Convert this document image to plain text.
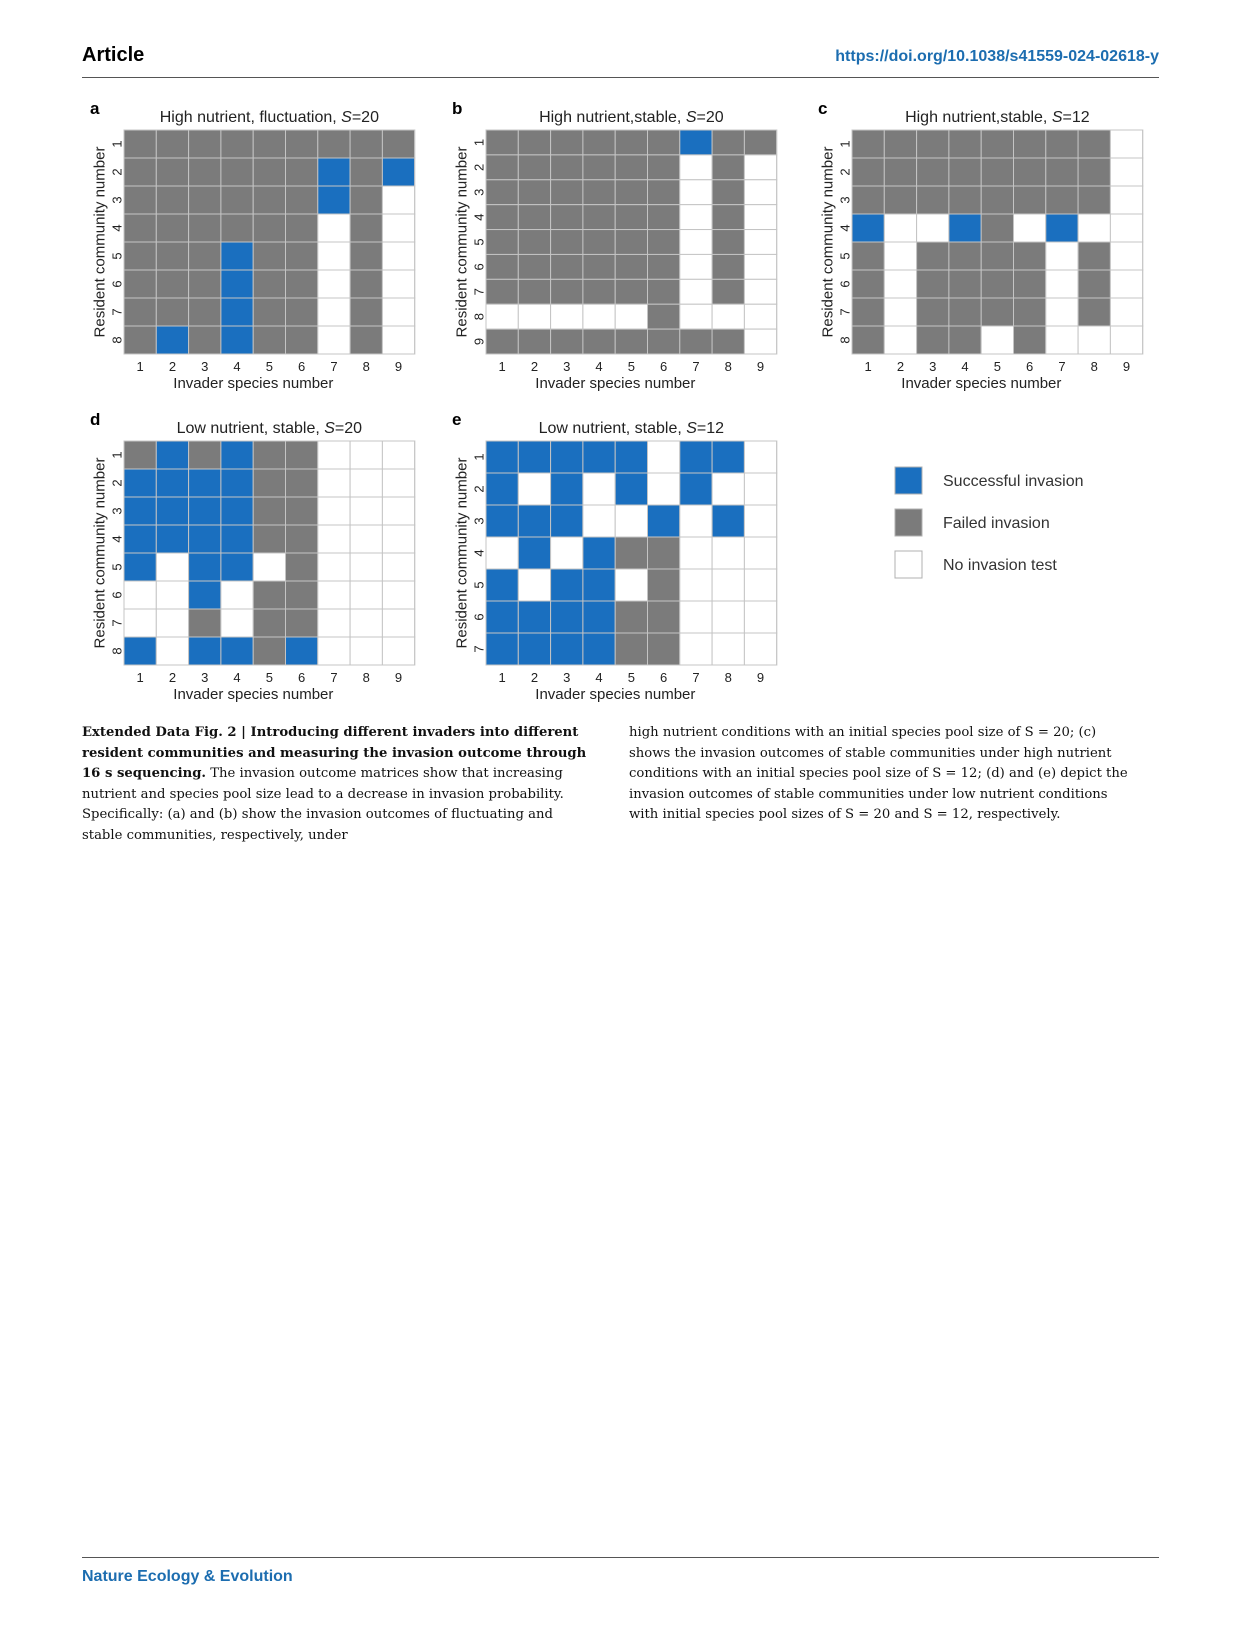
Article	https://doi.org/10.1038/s41559-024-02618-y
a	High nutrient, fluctuation, S=20
1 2 3 4 5 6 7 8 9
Invader species number
1
2
3
4
5
6
7
8
Resident community number
b	High nutrient,stable, S=20
1 2 3 4 5 6 7 8 9
Invader species number
1
2
3
4
5
6
7
8
9
Resident community number
c	High nutrient,stable, S=12
1 2 3 4 5 6 7 8 9
Invader species number
1
2
3
4
5
6
7
8
Resident community number
d	Low nutrient, stable, S=20
1 2 3 4 5 6 7 8 9
Invader species number
1
2
3
4
5
6
7
8
Resident community number
e	Low nutrient, stable, S=12
1 2 3 4 5 6 7 8 9
Invader species number
1
2
3
4
5
6
7
Resident community number	Successful invasion
Failed invasion
No invasion test
Extended Data Fig. 2 | Introducing different invaders into different resident communities and measuring the invasion outcome through 16 s sequencing. The invasion outcome matrices show that increasing nutrient and species pool size lead to a decrease in invasion probability. Specifically: (a) and (b) show the invasion outcomes of fluctuating and stable communities, respectively, under
high nutrient conditions with an initial species pool size of S = 20; (c) shows the invasion outcomes of stable communities under high nutrient conditions with an initial species pool size of S = 12; (d) and (e) depict the invasion outcomes of stable communities under low nutrient conditions with initial species pool sizes of S = 20 and S = 12, respectively.
Nature Ecology & Evolution
